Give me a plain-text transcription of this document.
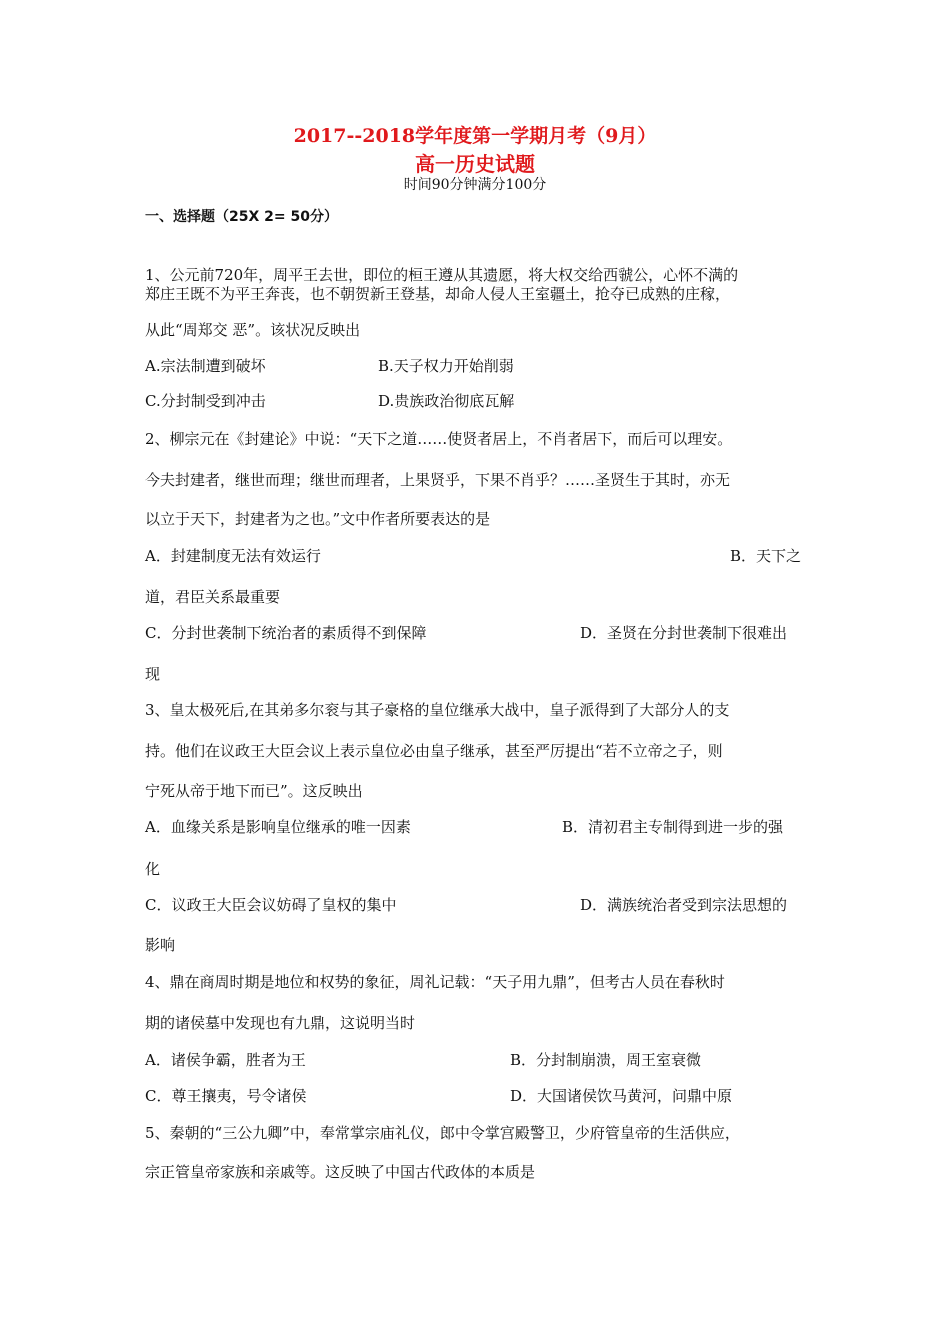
2017--2018学年度第一学期月考（9月）
高一历史试题
时间90分钟满分100分
一、选择题（25X 2= 50分）
1、公元前720年，周平王去世，即位的桓王遵从其遗愿，将大权交给西虢公，心怀不满的
郑庄王既不为平王奔丧，也不朝贺新王登基，却命人侵人王室疆土，抢夺已成熟的庄稼，
从此“周郑交 恶”。该状况反映出
A.宗法制遭到破坏	B.天子权力开始削弱
C.分封制受到冲击	D.贵族政治彻底瓦解
2、柳宗元在《封建论》中说：“天下之道……使贤者居上，不肖者居下，而后可以理安。
今夫封建者，继世而理；继世而理者，上果贤乎，下果不肖乎？……圣贤生于其时，亦无
以立于天下，封建者为之也。”文中作者所要表达的是
A．封建制度无法有效运行	B．天下之
道，君臣关系最重要
C．分封世袭制下统治者的素质得不到保障	D．圣贤在分封世袭制下很难出
现
3、皇太极死后,在其弟多尔衮与其子豪格的皇位继承大战中，皇子派得到了大部分人的支
持。他们在议政王大臣会议上表示皇位必由皇子继承，甚至严厉提出“若不立帝之子，则
宁死从帝于地下而已”。这反映出
A．血缘关系是影响皇位继承的唯一因素	B．清初君主专制得到进一步的强
化
C．议政王大臣会议妨碍了皇权的集中	D．满族统治者受到宗法思想的
影响
4、鼎在商周时期是地位和权势的象征，周礼记载：“天子用九鼎”，但考古人员在春秋时
期的诸侯墓中发现也有九鼎，这说明当时
A．诸侯争霸，胜者为王	B．分封制崩溃，周王室衰微
C．尊王攘夷，号令诸侯	D．大国诸侯饮马黄河，问鼎中原
5、秦朝的“三公九卿”中，奉常掌宗庙礼仪，郎中令掌宫殿警卫，少府管皇帝的生活供应，
宗正管皇帝家族和亲戚等。这反映了中国古代政体的本质是
